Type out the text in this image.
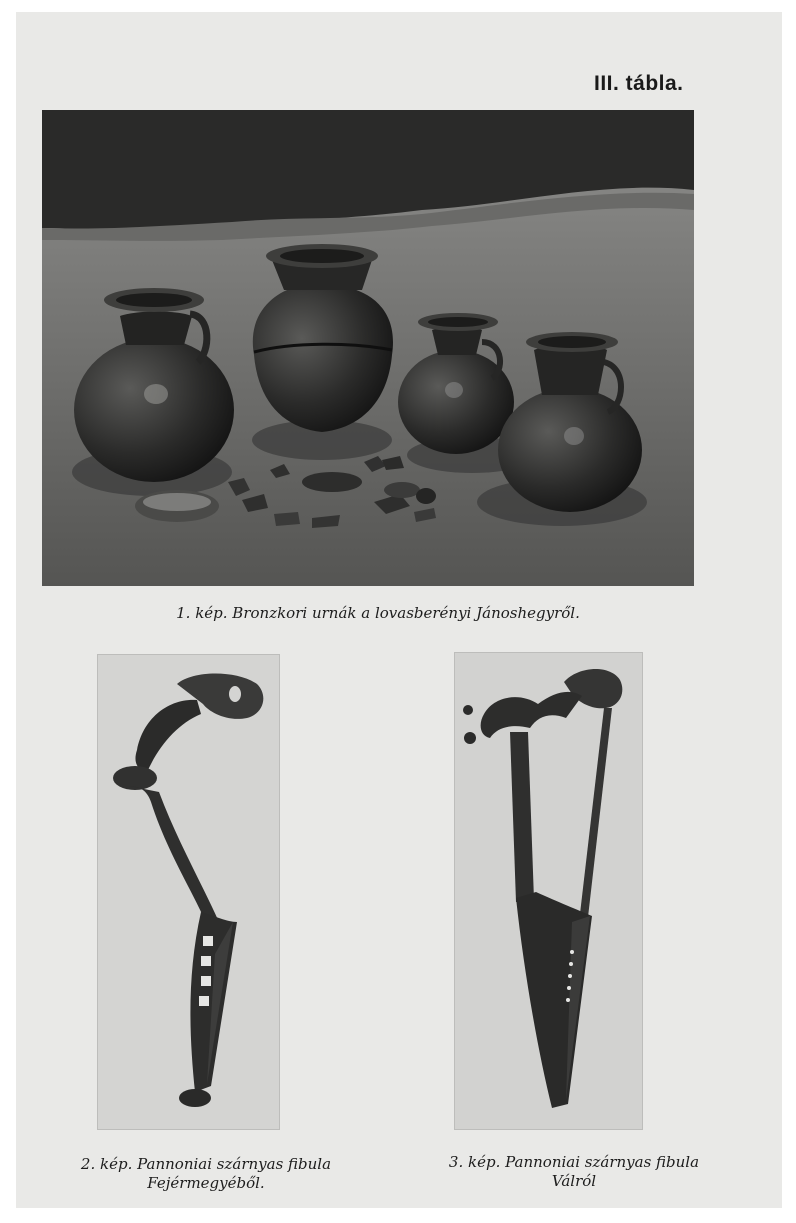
III. tábla.
1. kép. Bronzkori urnák a lovasberényi Jánoshegyről.
2. kép. Pannoniai szárnyas fibula
Fejérmegyéből.
3. kép. Pannoniai szárnyas fibula
Válról
